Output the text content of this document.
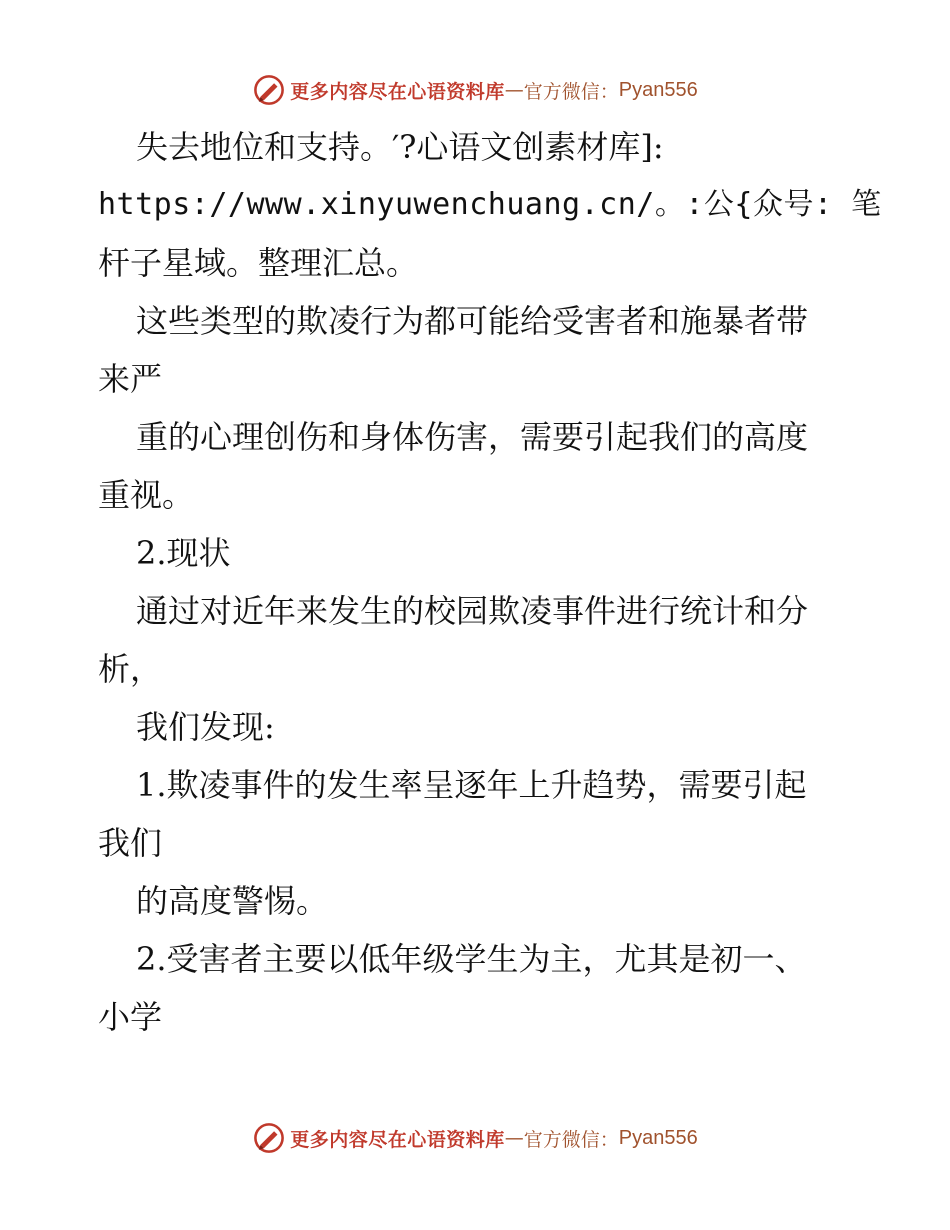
更多内容尽在心语资料库 — 官方微信： Pyan556

失去地位和支持。′?心语文创素材库]:

https://www.xinyuwenchuang.cn/。:公{众号: 笔

杆子星域。整理汇总。

这些类型的欺凌行为都可能给受害者和施暴者带

来严

重的心理创伤和身体伤害，需要引起我们的高度

重视。

2.现状

通过对近年来发生的校园欺凌事件进行统计和分

析，

我们发现:

1.欺凌事件的发生率呈逐年上升趋势，需要引起

我们

的高度警惕。

2.受害者主要以低年级学生为主，尤其是初一、

小学

更多内容尽在心语资料库 — 官方微信： Pyan556
